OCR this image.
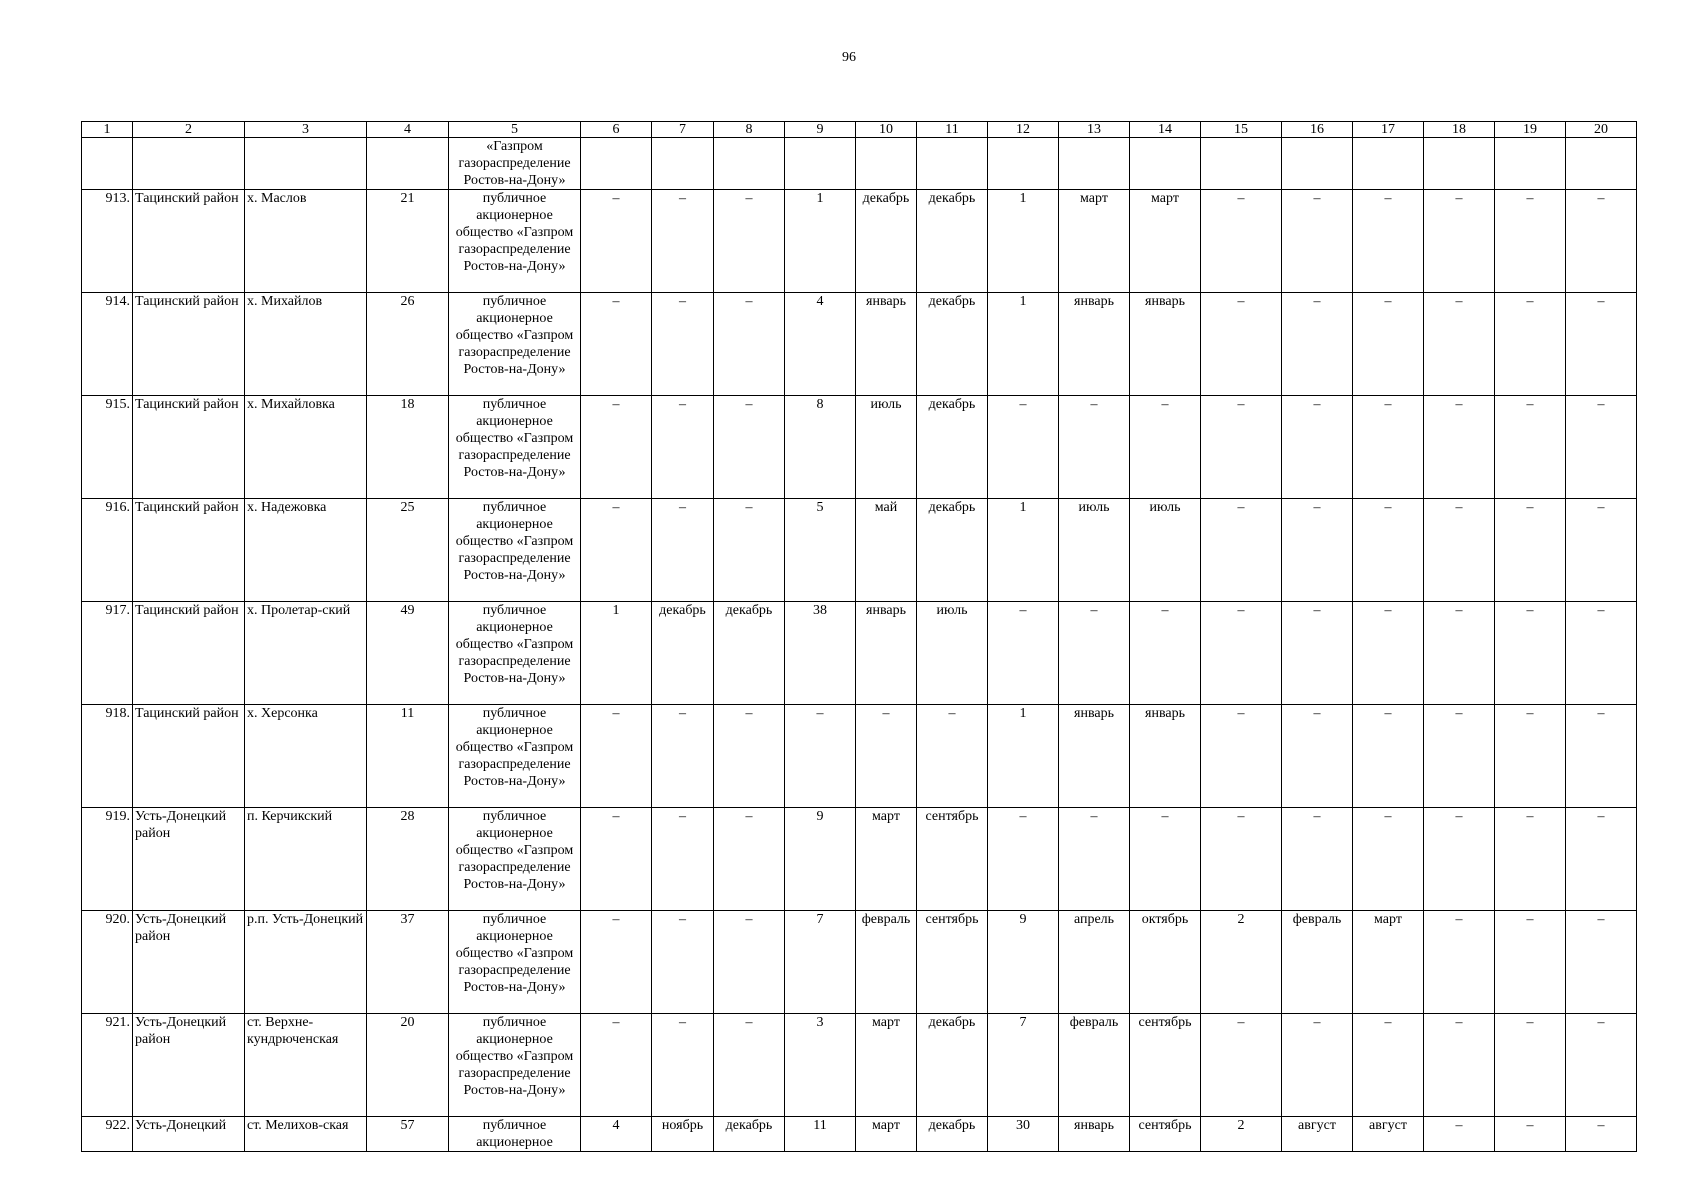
96
1	2	3	4	5	6	7	8	9	10	11	12	13	14	15	16	17	18	19	20
				«Газпром газораспределение Ростов-на-Дону»															
913.	Тацинский район	х. Маслов	21	публичное акционерное общество «Газпром газораспределение Ростов-на-Дону»	–	–	–	1	декабрь	декабрь	1	март	март	–	–	–	–	–	–
914.	Тацинский район	х. Михайлов	26	публичное акционерное общество «Газпром газораспределение Ростов-на-Дону»	–	–	–	4	январь	декабрь	1	январь	январь	–	–	–	–	–	–
915.	Тацинский район	х. Михайловка	18	публичное акционерное общество «Газпром газораспределение Ростов-на-Дону»	–	–	–	8	июль	декабрь	–	–	–	–	–	–	–	–	–
916.	Тацинский район	х. Надежовка	25	публичное акционерное общество «Газпром газораспределение Ростов-на-Дону»	–	–	–	5	май	декабрь	1	июль	июль	–	–	–	–	–	–
917.	Тацинский район	х. Пролетар-ский	49	публичное акционерное общество «Газпром газораспределение Ростов-на-Дону»	1	декабрь	декабрь	38	январь	июль	–	–	–	–	–	–	–	–	–
918.	Тацинский район	х. Херсонка	11	публичное акционерное общество «Газпром газораспределение Ростов-на-Дону»	–	–	–	–	–	–	1	январь	январь	–	–	–	–	–	–
919.	Усть-Донецкий район	п. Керчикский	28	публичное акционерное общество «Газпром газораспределение Ростов-на-Дону»	–	–	–	9	март	сентябрь	–	–	–	–	–	–	–	–	–
920.	Усть-Донецкий район	р.п. Усть-Донецкий	37	публичное акционерное общество «Газпром газораспределение Ростов-на-Дону»	–	–	–	7	февраль	сентябрь	9	апрель	октябрь	2	февраль	март	–	–	–
921.	Усть-Донецкий район	ст. Верхне-кундрюченская	20	публичное акционерное общество «Газпром газораспределение Ростов-на-Дону»	–	–	–	3	март	декабрь	7	февраль	сентябрь	–	–	–	–	–	–
922.	Усть-Донецкий	ст. Мелихов-ская	57	публичное акционерное	4	ноябрь	декабрь	11	март	декабрь	30	январь	сентябрь	2	август	август	–	–	–
